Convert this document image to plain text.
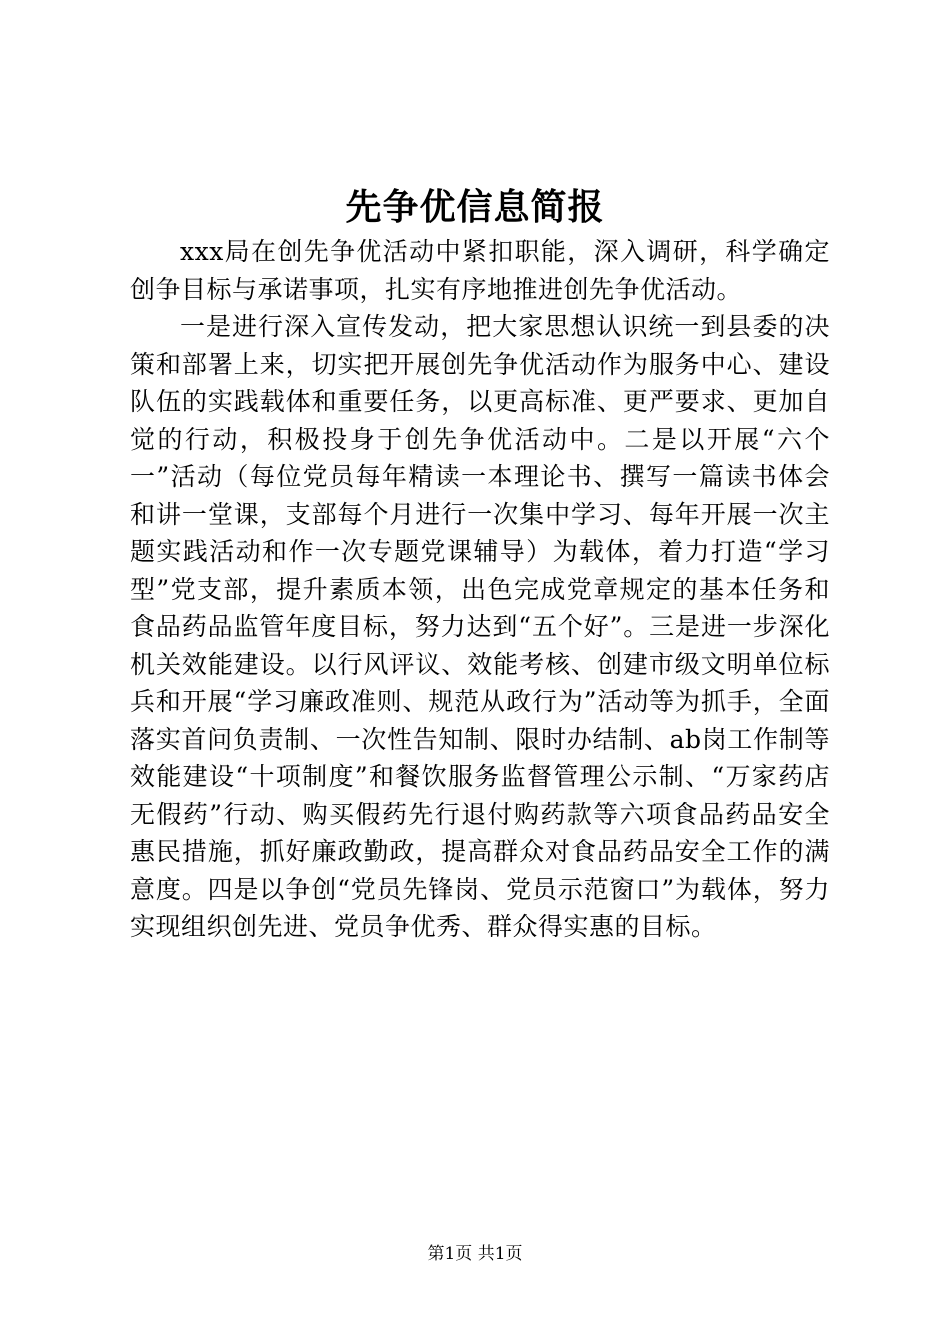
先争优信息简报

xxx局在创先争优活动中紧扣职能，深入调研，科学确定创争目标与承诺事项，扎实有序地推进创先争优活动。

一是进行深入宣传发动，把大家思想认识统一到县委的决策和部署上来，切实把开展创先争优活动作为服务中心、建设队伍的实践载体和重要任务，以更高标准、更严要求、更加自觉的行动，积极投身于创先争优活动中。二是以开展“六个一”活动（每位党员每年精读一本理论书、撰写一篇读书体会和讲一堂课，支部每个月进行一次集中学习、每年开展一次主题实践活动和作一次专题党课辅导）为载体，着力打造“学习型”党支部，提升素质本领，出色完成党章规定的基本任务和食品药品监管年度目标，努力达到“五个好”。三是进一步深化机关效能建设。以行风评议、效能考核、创建市级文明单位标兵和开展“学习廉政准则、规范从政行为”活动等为抓手，全面落实首问负责制、一次性告知制、限时办结制、ab岗工作制等效能建设“十项制度”和餐饮服务监督管理公示制、“万家药店无假药”行动、购买假药先行退付购药款等六项食品药品安全惠民措施，抓好廉政勤政，提高群众对食品药品安全工作的满意度。四是以争创“党员先锋岗、党员示范窗口”为载体，努力实现组织创先进、党员争优秀、群众得实惠的目标。

第1页 共1页
